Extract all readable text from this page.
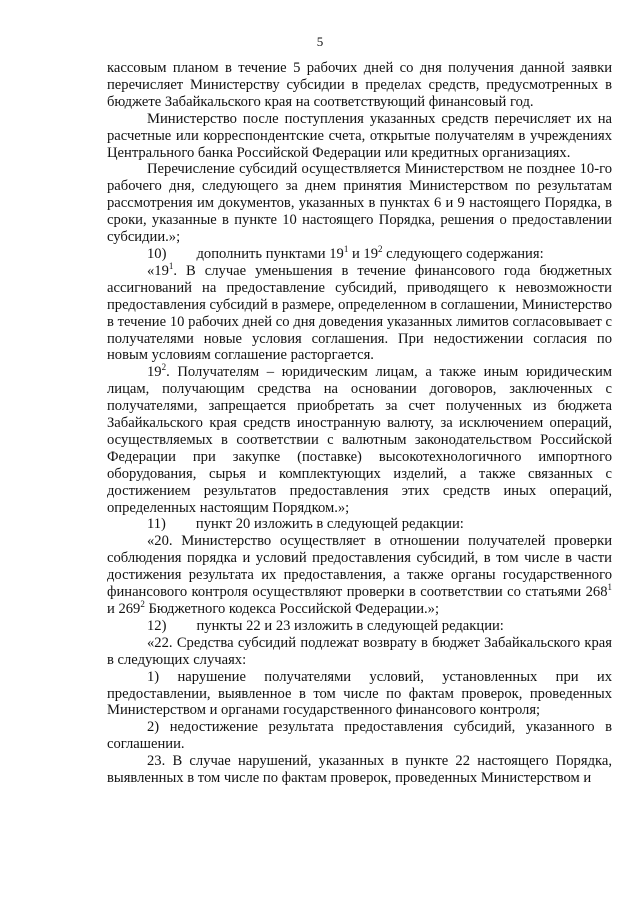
5

кассовым планом в течение 5 рабочих дней со дня получения данной заявки перечисляет Министерству субсидии в пределах средств, предусмотренных в бюджете Забайкальского края на соответствующий финансовый год.

Министерство после поступления указанных средств перечисляет их на расчетные или корреспондентские счета, открытые получателям в учреждениях Центрального банка Российской Федерации или кредитных организациях.

Перечисление субсидий осуществляется Министерством не позднее 10-го рабочего дня, следующего за днем принятия Министерством по результатам рассмотрения им документов, указанных в пунктах 6 и 9 настоящего Порядка, в сроки, указанные в пункте 10 настоящего Порядка, решения о предоставлении субсидии.»;

10) дополнить пунктами $19^1$ и $19^2$ следующего содержания:

«$19^1$. В случае уменьшения в течение финансового года бюджетных ассигнований на предоставление субсидий, приводящего к невозможности предоставления субсидий в размере, определенном в соглашении, Министерство в течение 10 рабочих дней со дня доведения указанных лимитов согласовывает с получателями новые условия соглашения. При недостижении согласия по новым условиям соглашение расторгается.

$19^2$. Получателям – юридическим лицам, а также иным юридическим лицам, получающим средства на основании договоров, заключенных с получателями, запрещается приобретать за счет полученных из бюджета Забайкальского края средств иностранную валюту, за исключением операций, осуществляемых в соответствии с валютным законодательством Российской Федерации при закупке (поставке) высокотехнологичного импортного оборудования, сырья и комплектующих изделий, а также связанных с достижением результатов предоставления этих средств иных операций, определенных настоящим Порядком.»;

11) пункт 20 изложить в следующей редакции:

«20. Министерство осуществляет в отношении получателей проверки соблюдения порядка и условий предоставления субсидий, в том числе в части достижения результата их предоставления, а также органы государственного финансового контроля осуществляют проверки в соответствии со статьями $268^1$ и $269^2$ Бюджетного кодекса Российской Федерации.»;

12) пункты 22 и 23 изложить в следующей редакции:

«22. Средства субсидий подлежат возврату в бюджет Забайкальского края в следующих случаях:

1) нарушение получателями условий, установленных при их предоставлении, выявленное в том числе по фактам проверок, проведенных Министерством и органами государственного финансового контроля;

2) недостижение результата предоставления субсидий, указанного в соглашении.

23. В случае нарушений, указанных в пункте 22 настоящего Порядка, выявленных в том числе по фактам проверок, проведенных Министерством и
